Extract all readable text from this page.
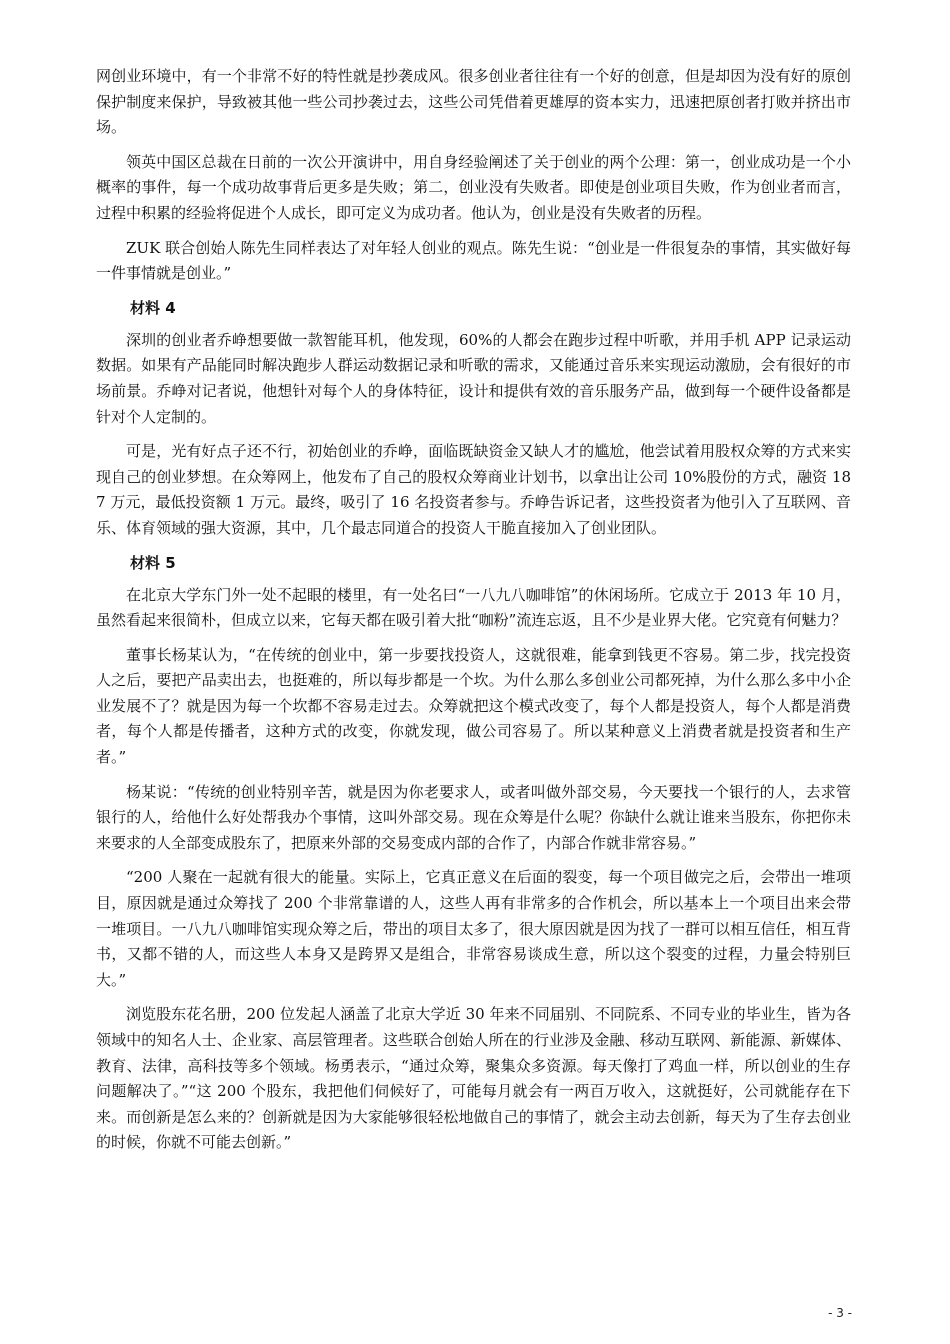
网创业环境中，有一个非常不好的特性就是抄袭成风。很多创业者往往有一个好的创意，但是却因为没有好的原创保护制度来保护，导致被其他一些公司抄袭过去，这些公司凭借着更雄厚的资本实力，迅速把原创者打败并挤出市场。

领英中国区总裁在日前的一次公开演讲中，用自身经验阐述了关于创业的两个公理：第一，创业成功是一个小概率的事件，每一个成功故事背后更多是失败；第二，创业没有失败者。即使是创业项目失败，作为创业者而言，过程中积累的经验将促进个人成长，即可定义为成功者。他认为，创业是没有失败者的历程。

ZUK 联合创始人陈先生同样表达了对年轻人创业的观点。陈先生说：“创业是一件很复杂的事情，其实做好每一件事情就是创业。”

材料 4

深圳的创业者乔峥想要做一款智能耳机，他发现，60%的人都会在跑步过程中听歌，并用手机 APP 记录运动数据。如果有产品能同时解决跑步人群运动数据记录和听歌的需求，又能通过音乐来实现运动激励，会有很好的市场前景。乔峥对记者说，他想针对每个人的身体特征，设计和提供有效的音乐服务产品，做到每一个硬件设备都是针对个人定制的。

可是，光有好点子还不行，初始创业的乔峥，面临既缺资金又缺人才的尴尬，他尝试着用股权众筹的方式来实现自己的创业梦想。在众筹网上，他发布了自己的股权众筹商业计划书，以拿出让公司 10%股份的方式，融资 187 万元，最低投资额 1 万元。最终，吸引了 16 名投资者参与。乔峥告诉记者，这些投资者为他引入了互联网、音乐、体育领域的强大资源，其中，几个最志同道合的投资人干脆直接加入了创业团队。

材料 5

在北京大学东门外一处不起眼的楼里，有一处名曰“一八九八咖啡馆”的休闲场所。它成立于 2013 年 10 月，虽然看起来很简朴，但成立以来，它每天都在吸引着大批“咖粉”流连忘返，且不少是业界大佬。它究竟有何魅力？

董事长杨某认为，“在传统的创业中，第一步要找投资人，这就很难，能拿到钱更不容易。第二步，找完投资人之后，要把产品卖出去，也挺难的，所以每步都是一个坎。为什么那么多创业公司都死掉，为什么那么多中小企业发展不了？就是因为每一个坎都不容易走过去。众筹就把这个模式改变了，每个人都是投资人，每个人都是消费者，每个人都是传播者，这种方式的改变，你就发现，做公司容易了。所以某种意义上消费者就是投资者和生产者。”

杨某说：“传统的创业特别辛苦，就是因为你老要求人，或者叫做外部交易，今天要找一个银行的人，去求管银行的人，给他什么好处帮我办个事情，这叫外部交易。现在众筹是什么呢？你缺什么就让谁来当股东，你把你未来要求的人全部变成股东了，把原来外部的交易变成内部的合作了，内部合作就非常容易。”

“200 人聚在一起就有很大的能量。实际上，它真正意义在后面的裂变，每一个项目做完之后，会带出一堆项目，原因就是通过众筹找了 200 个非常靠谱的人，这些人再有非常多的合作机会，所以基本上一个项目出来会带一堆项目。一八九八咖啡馆实现众筹之后，带出的项目太多了，很大原因就是因为找了一群可以相互信任，相互背书，又都不错的人，而这些人本身又是跨界又是组合，非常容易谈成生意，所以这个裂变的过程，力量会特别巨大。”

浏览股东花名册，200 位发起人涵盖了北京大学近 30 年来不同届别、不同院系、不同专业的毕业生，皆为各领域中的知名人士、企业家、高层管理者。这些联合创始人所在的行业涉及金融、移动互联网、新能源、新媒体、教育、法律，高科技等多个领域。杨勇表示，“通过众筹，聚集众多资源。每天像打了鸡血一样，所以创业的生存问题解决了。”“这 200 个股东，我把他们伺候好了，可能每月就会有一两百万收入，这就挺好，公司就能存在下来。而创新是怎么来的？创新就是因为大家能够很轻松地做自己的事情了，就会主动去创新，每天为了生存去创业的时候，你就不可能去创新。”

- 3 -
